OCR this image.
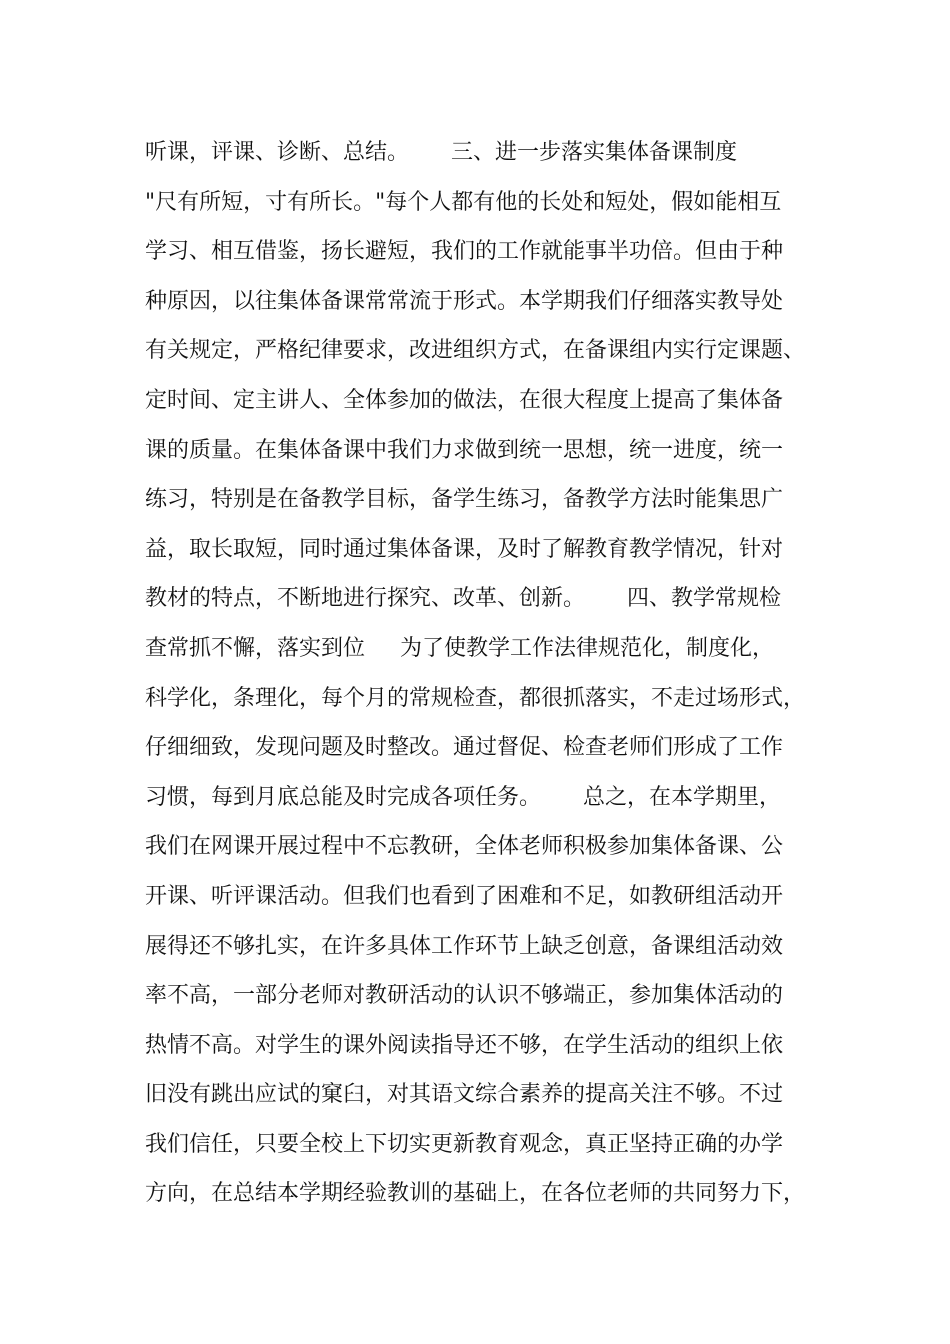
听课，评课、诊断、总结。      三、进一步落实集体备课制度
"尺有所短，寸有所长。"每个人都有他的长处和短处，假如能相互
学习、相互借鉴，扬长避短，我们的工作就能事半功倍。但由于种
种原因，以往集体备课常常流于形式。本学期我们仔细落实教导处
有关规定，严格纪律要求，改进组织方式，在备课组内实行定课题、
定时间、定主讲人、全体参加的做法，在很大程度上提高了集体备
课的质量。在集体备课中我们力求做到统一思想，统一进度，统一
练习，特别是在备教学目标，备学生练习，备教学方法时能集思广
益，取长取短，同时通过集体备课，及时了解教育教学情况，针对
教材的特点，不断地进行探究、改革、创新。      四、教学常规检
查常抓不懈，落实到位     为了使教学工作法律规范化，制度化，
科学化，条理化，每个月的常规检查，都很抓落实，不走过场形式，
仔细细致，发现问题及时整改。通过督促、检查老师们形成了工作
习惯，每到月底总能及时完成各项任务。      总之，在本学期里，
我们在网课开展过程中不忘教研，全体老师积极参加集体备课、公
开课、听评课活动。但我们也看到了困难和不足，如教研组活动开
展得还不够扎实，在许多具体工作环节上缺乏创意，备课组活动效
率不高，一部分老师对教研活动的认识不够端正，参加集体活动的
热情不高。对学生的课外阅读指导还不够，在学生活动的组织上依
旧没有跳出应试的窠臼，对其语文综合素养的提高关注不够。不过
我们信任，只要全校上下切实更新教育观念，真正坚持正确的办学
方向，在总结本学期经验教训的基础上，在各位老师的共同努力下，
